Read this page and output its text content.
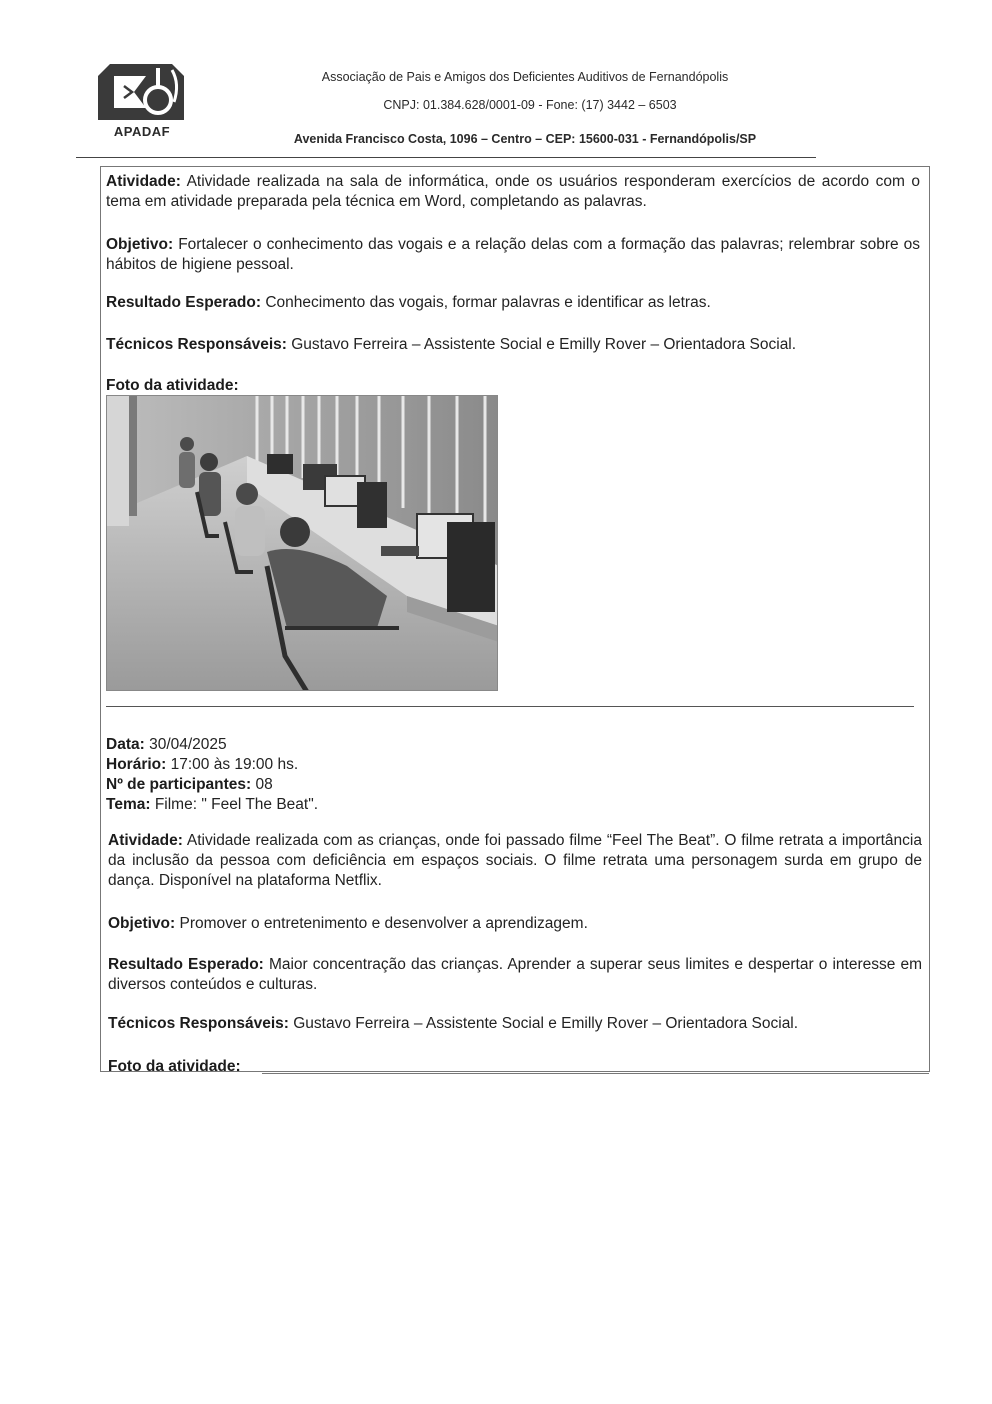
APADAF
Associação de Pais e Amigos dos Deficientes Auditivos de Fernandópolis
CNPJ: 01.384.628/0001-09 - Fone: (17) 3442 – 6503
Avenida Francisco Costa, 1096 – Centro – CEP: 15600-031 - Fernandópolis/SP
Atividade: Atividade realizada na sala de informática, onde os usuários responderam exercícios de acordo com o tema em atividade preparada pela técnica em Word, completando as palavras.
Objetivo: Fortalecer o conhecimento das vogais e a relação delas com a formação das palavras; relembrar sobre os hábitos de higiene pessoal.
Resultado Esperado: Conhecimento das vogais, formar palavras e identificar as letras.
Técnicos Responsáveis: Gustavo Ferreira – Assistente Social e Emilly Rover – Orientadora Social.
Foto da atividade:
Data: 30/04/2025
Horário: 17:00 às 19:00 hs.
Nº de participantes: 08
Tema: Filme: " Feel The Beat".
Atividade: Atividade realizada com as crianças, onde foi passado filme “Feel The Beat”. O filme retrata a importância da inclusão da pessoa com deficiência em espaços sociais. O filme retrata uma personagem surda em grupo de dança. Disponível na plataforma Netflix.
Objetivo: Promover o entretenimento e desenvolver a aprendizagem.
Resultado Esperado: Maior concentração das crianças. Aprender a superar seus limites e despertar o interesse em diversos conteúdos e culturas.
Técnicos Responsáveis: Gustavo Ferreira – Assistente Social e Emilly Rover – Orientadora Social.
Foto da atividade:
